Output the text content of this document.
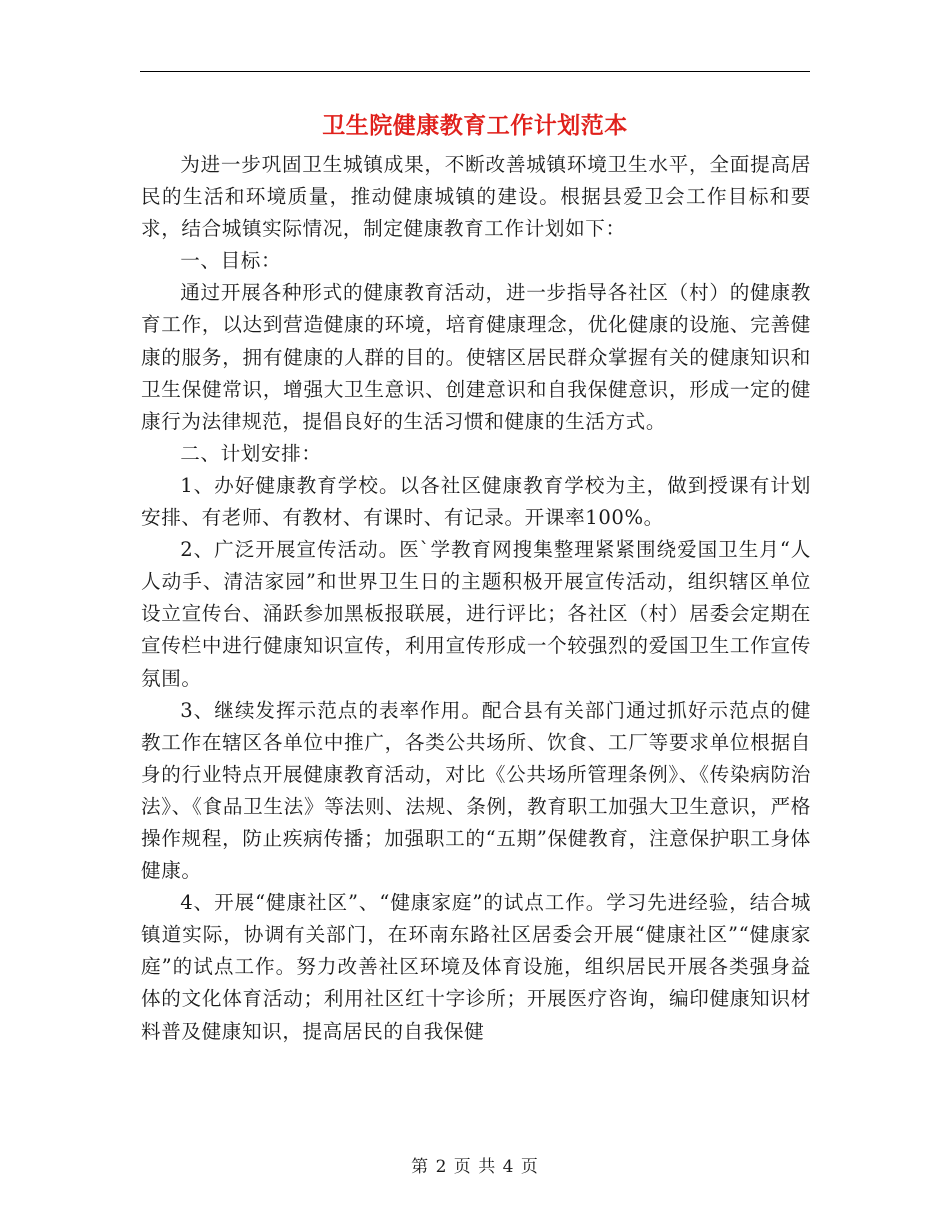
卫生院健康教育工作计划范本

为进一步巩固卫生城镇成果，不断改善城镇环境卫生水平，全面提高居民的生活和环境质量，推动健康城镇的建设。根据县爱卫会工作目标和要求，结合城镇实际情况，制定健康教育工作计划如下：

一、目标：

通过开展各种形式的健康教育活动，进一步指导各社区（村）的健康教育工作，以达到营造健康的环境，培育健康理念，优化健康的设施、完善健康的服务，拥有健康的人群的目的。使辖区居民群众掌握有关的健康知识和卫生保健常识，增强大卫生意识、创建意识和自我保健意识，形成一定的健康行为法律规范，提倡良好的生活习惯和健康的生活方式。

二、计划安排：

1、办好健康教育学校。以各社区健康教育学校为主，做到授课有计划安排、有老师、有教材、有课时、有记录。开课率100%。

2、广泛开展宣传活动。医`学教育网搜集整理紧紧围绕爱国卫生月“人人动手、清洁家园”和世界卫生日的主题积极开展宣传活动，组织辖区单位设立宣传台、涌跃参加黑板报联展，进行评比；各社区（村）居委会定期在宣传栏中进行健康知识宣传，利用宣传形成一个较强烈的爱国卫生工作宣传氛围。

3、继续发挥示范点的表率作用。配合县有关部门通过抓好示范点的健教工作在辖区各单位中推广，各类公共场所、饮食、工厂等要求单位根据自身的行业特点开展健康教育活动，对比《公共场所管理条例》、《传染病防治法》、《食品卫生法》等法则、法规、条例，教育职工加强大卫生意识，严格操作规程，防止疾病传播；加强职工的“五期”保健教育，注意保护职工身体健康。

4、开展“健康社区”、“健康家庭”的试点工作。学习先进经验，结合城镇道实际，协调有关部门，在环南东路社区居委会开展“健康社区”“健康家庭”的试点工作。努力改善社区环境及体育设施，组织居民开展各类强身益体的文化体育活动；利用社区红十字诊所；开展医疗咨询，编印健康知识材料普及健康知识，提高居民的自我保健

第 2 页 共 4 页
